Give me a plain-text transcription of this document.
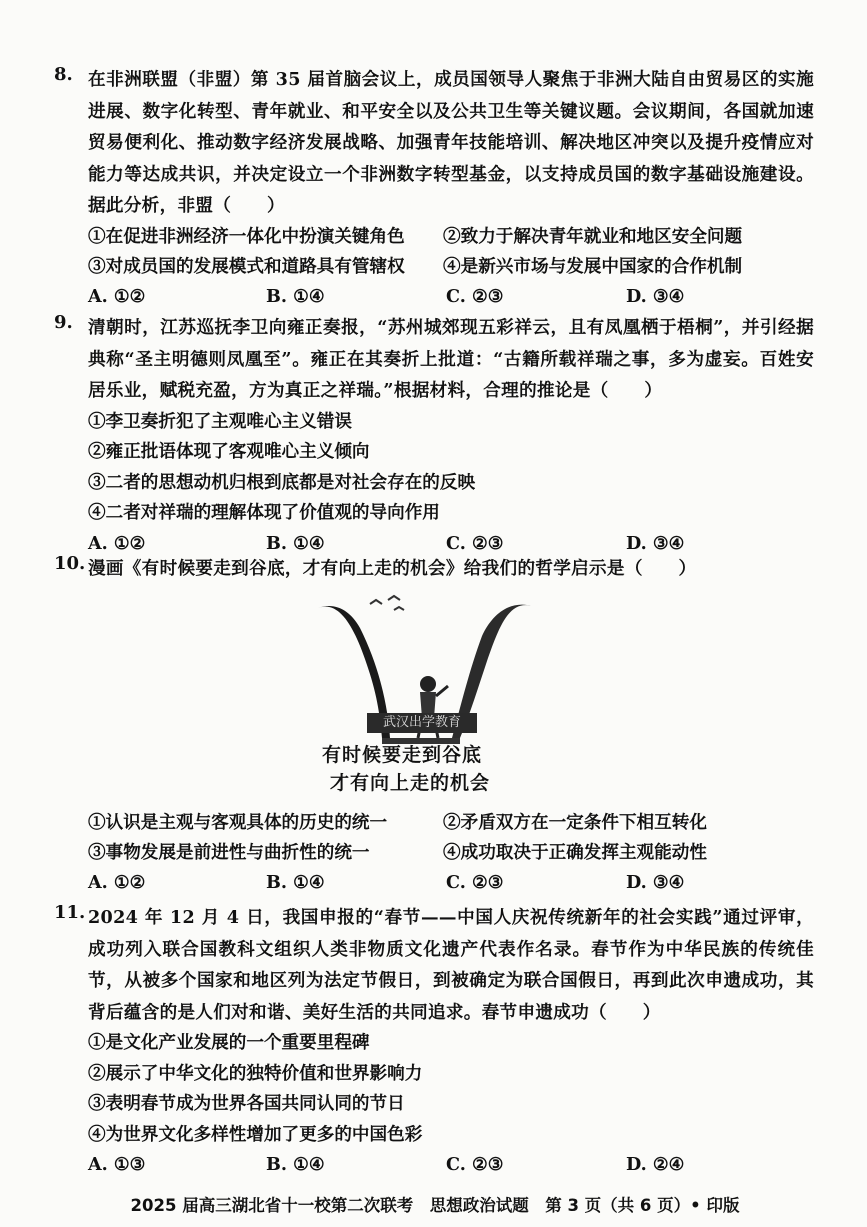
8. 在非洲联盟（非盟）第 35 届首脑会议上，成员国领导人聚焦于非洲大陆自由贸易区的实施进展、数字化转型、青年就业、和平安全以及公共卫生等关键议题。会议期间，各国就加速贸易便利化、推动数字经济发展战略、加强青年技能培训、解决地区冲突以及提升疫情应对能力等达成共识，并决定设立一个非洲数字转型基金，以支持成员国的数字基础设施建设。据此分析，非盟（　　）
①在促进非洲经济一体化中扮演关键角色	②致力于解决青年就业和地区安全问题
③对成员国的发展模式和道路具有管辖权	④是新兴市场与发展中国家的合作机制
A. ①②	B. ①④	C. ②③	D. ③④
9. 清朝时，江苏巡抚李卫向雍正奏报，“苏州城郊现五彩祥云，且有凤凰栖于梧桐”，并引经据典称“圣主明德则凤凰至”。雍正在其奏折上批道：“古籍所载祥瑞之事，多为虚妄。百姓安居乐业，赋税充盈，方为真正之祥瑞。”根据材料，合理的推论是（　　）
①李卫奏折犯了主观唯心主义错误
②雍正批语体现了客观唯心主义倾向
③二者的思想动机归根到底都是对社会存在的反映
④二者对祥瑞的理解体现了价值观的导向作用
A. ①②	B. ①④	C. ②③	D. ③④
10. 漫画《有时候要走到谷底，才有向上走的机会》给我们的哲学启示是（　　）
武汉出学教育
有时候要走到谷底
才有向上走的机会
①认识是主观与客观具体的历史的统一	②矛盾双方在一定条件下相互转化
③事物发展是前进性与曲折性的统一	④成功取决于正确发挥主观能动性
A. ①②	B. ①④	C. ②③	D. ③④
11. 2024 年 12 月 4 日，我国申报的“春节——中国人庆祝传统新年的社会实践”通过评审，成功列入联合国教科文组织人类非物质文化遗产代表作名录。春节作为中华民族的传统佳节，从被多个国家和地区列为法定节假日，到被确定为联合国假日，再到此次申遗成功，其背后蕴含的是人们对和谐、美好生活的共同追求。春节申遗成功（　　）
①是文化产业发展的一个重要里程碑
②展示了中华文化的独特价值和世界影响力
③表明春节成为世界各国共同认同的节日
④为世界文化多样性增加了更多的中国色彩
A. ①③	B. ①④	C. ②③	D. ②④
2025 届高三湖北省十一校第二次联考　思想政治试题　第 3 页（共 6 页）• 印版
